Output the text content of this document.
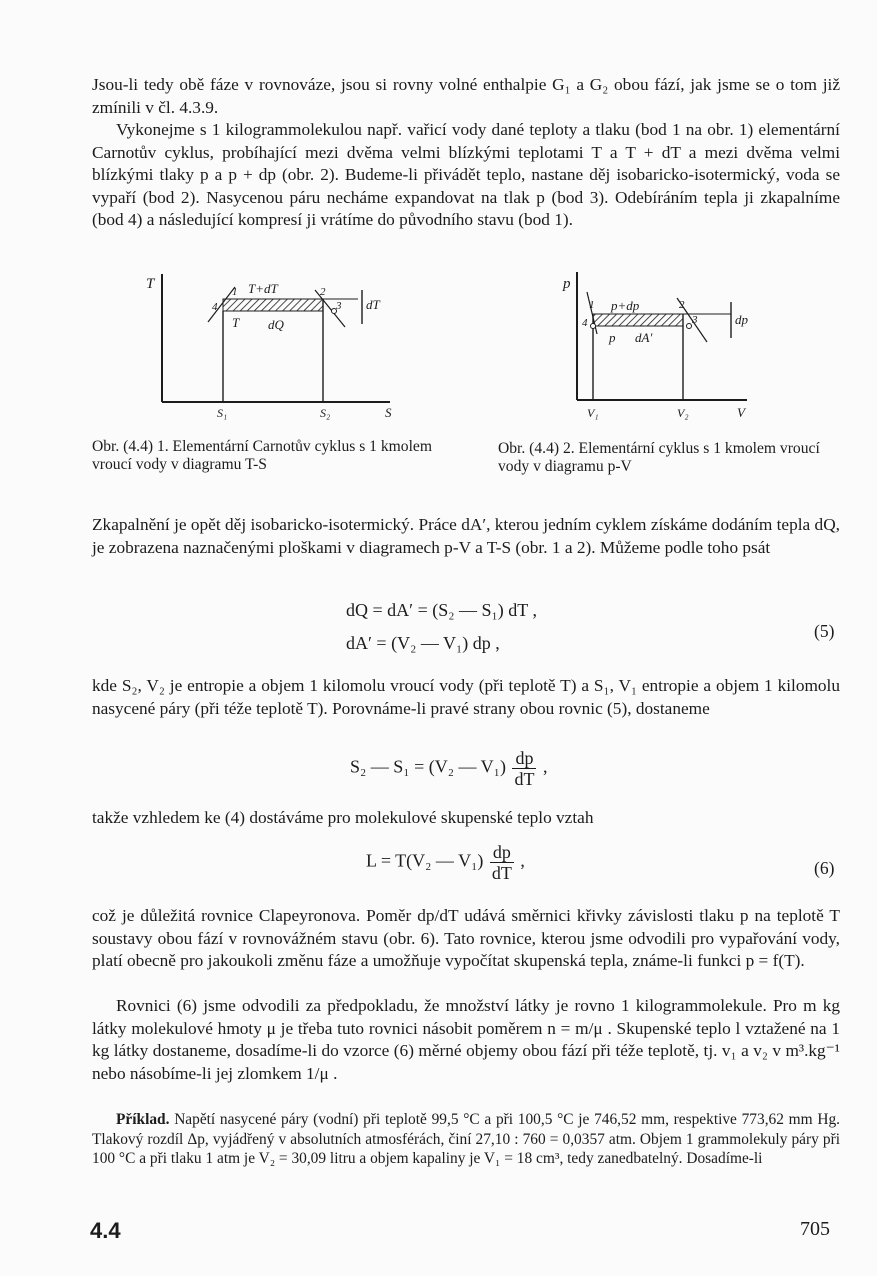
Jsou-li tedy obě fáze v rovnováze, jsou si rovny volné enthalpie G₁ a G₂ obou fází, jak jsme se o tom již zmínili v čl. 4.3.9.

Vykonejme s 1 kilogrammolekulou např. vařicí vody dané teploty a tlaku (bod 1 na obr. 1) elementární Carnotův cyklus, probíhající mezi dvěma velmi blízkými teplotami T a T + dT a mezi dvěma velmi blízkými tlaky p a p + dp (obr. 2). Budeme-li přivádět teplo, nastane děj isobaricko-isotermický, voda se vypaří (bod 2). Nasycenou páru necháme expandovat na tlak p (bod 3). Odebíráním tepla ji zkapalníme (bod 4) a následující kompresí ji vrátíme do původního stavu (bod 1).

T	1
4
2
3
T+dT
T dQ
dT
S₁	S₂	S
p
1
4
2
3
p+dp
p dA′
dp
V₁	V₂	V
Obr. (4.4) 1. Elementární Carnotův cyklus s 1 kmolem vroucí vody v diagramu T-S
Obr. (4.4) 2. Elementární cyklus s 1 kmolem vroucí vody v diagramu p-V
Zkapalnění je opět děj isobaricko-isotermický. Práce dA′, kterou jedním cyklem získáme dodáním tepla dQ, je zobrazena naznačenými ploškami v diagramech p-V a T-S (obr. 1 a 2). Můžeme podle toho psát
dQ = dA′ = (S₂ — S₁) dT ,
dA′ = (V₂ — V₁) dp ,
(5)
kde S₂, V₂ je entropie a objem 1 kilomolu vroucí vody (při teplotě T) a S₁, V₁ entropie a objem 1 kilomolu nasycené páry (při téže teplotě T). Porovnáme-li pravé strany obou rovnic (5), dostaneme
S₂ — S₁ = (V₂ — $V_1) \frac{dp}{dT}$ ,
takže vzhledem ke (4) dostáváme pro molekulové skupenské teplo vztah
L = T(V₂ — $V_1) \frac{dp}{dT}$ ,	(6)
což je důležitá rovnice Clapeyronova. Poměr dp/dT udává směrnici křivky závislosti tlaku p na teplotě T soustavy obou fází v rovnovážném stavu (obr. 6). Tato rovnice, kterou jsme odvodili pro vypařování vody, platí obecně pro jakoukoli změnu fáze a umožňuje vypočítat skupenská tepla, známe-li funkci p = f(T).
Rovnici (6) jsme odvodili za předpokladu, že množství látky je rovno 1 kilogrammolekule. Pro m kg látky molekulové hmoty μ je třeba tuto rovnici násobit poměrem n = m/μ . Skupenské teplo l vztažené na 1 kg látky dostaneme, dosadíme-li do vzorce (6) měrné objemy obou fází při téže teplotě, tj. v₁ a v₂ v m³.kg⁻¹ nebo násobíme-li jej zlomkem 1/μ .
Příklad. Napětí nasycené páry (vodní) při teplotě 99,5 °C a při 100,5 °C je 746,52 mm, respektive 773,62 mm Hg. Tlakový rozdíl Δp, vyjádřený v absolutních atmosférách, činí 27,10 : 760 = 0,0357 atm. Objem 1 grammolekuly páry při 100 °C a při tlaku 1 atm je V₂ = 30,09 litru a objem kapaliny je V₁ = 18 cm³, tedy zanedbatelný. Dosadíme-li
4.4	705
